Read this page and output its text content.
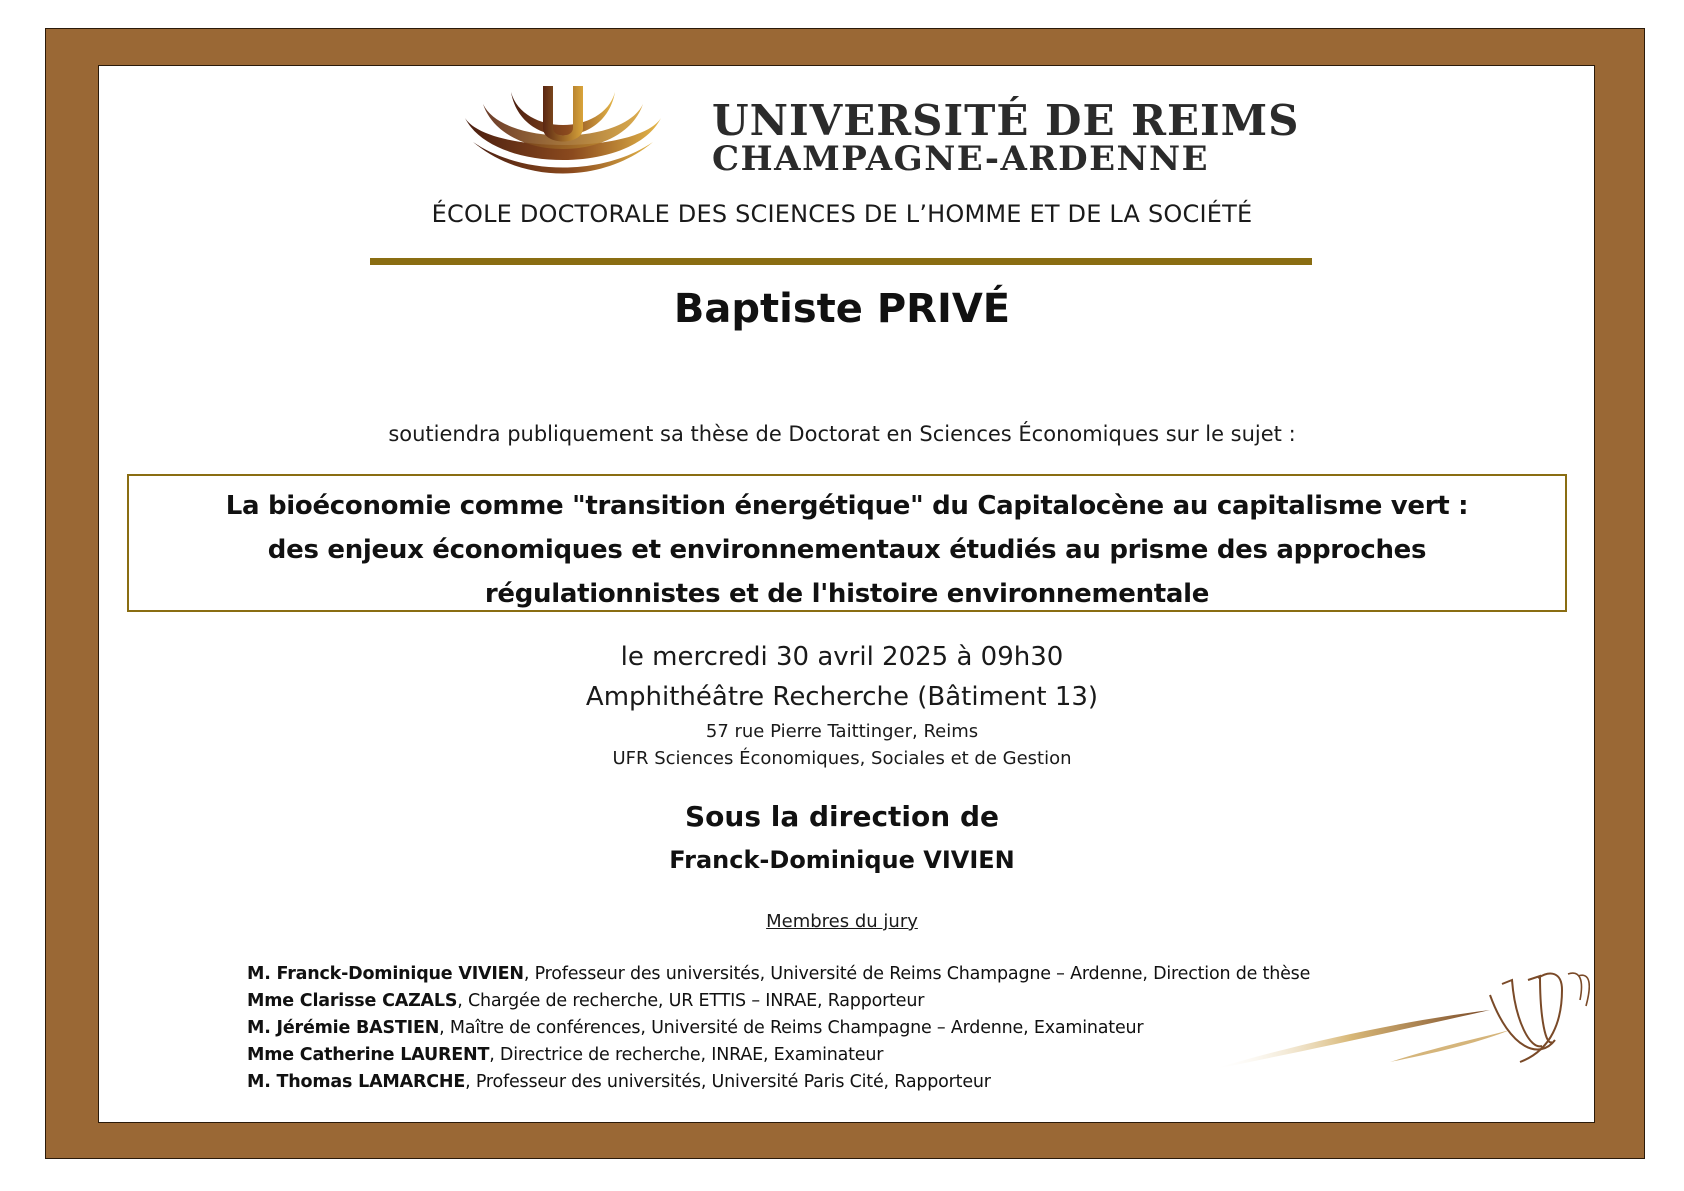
UNIVERSITÉ DE REIMS
CHAMPAGNE-ARDENNE
ÉCOLE DOCTORALE DES SCIENCES DE L’HOMME ET DE LA SOCIÉTÉ
Baptiste PRIVÉ
soutiendra publiquement sa thèse de Doctorat en Sciences Économiques sur le sujet :
La bioéconomie comme "transition énergétique" du Capitalocène au capitalisme vert :
des enjeux économiques et environnementaux étudiés au prisme des approches
régulationnistes et de l'histoire environnementale
le mercredi 30 avril 2025 à 09h30
Amphithéâtre Recherche (Bâtiment 13)
57 rue Pierre Taittinger, Reims
UFR Sciences Économiques, Sociales et de Gestion
Sous la direction de
Franck-Dominique VIVIEN
Membres du jury
M. Franck-Dominique VIVIEN, Professeur des universités, Université de Reims Champagne – Ardenne, Direction de thèse
Mme Clarisse CAZALS, Chargée de recherche, UR ETTIS – INRAE, Rapporteur
M. Jérémie BASTIEN, Maître de conférences, Université de Reims Champagne – Ardenne, Examinateur
Mme Catherine LAURENT, Directrice de recherche, INRAE, Examinateur
M. Thomas LAMARCHE, Professeur des universités, Université Paris Cité, Rapporteur
